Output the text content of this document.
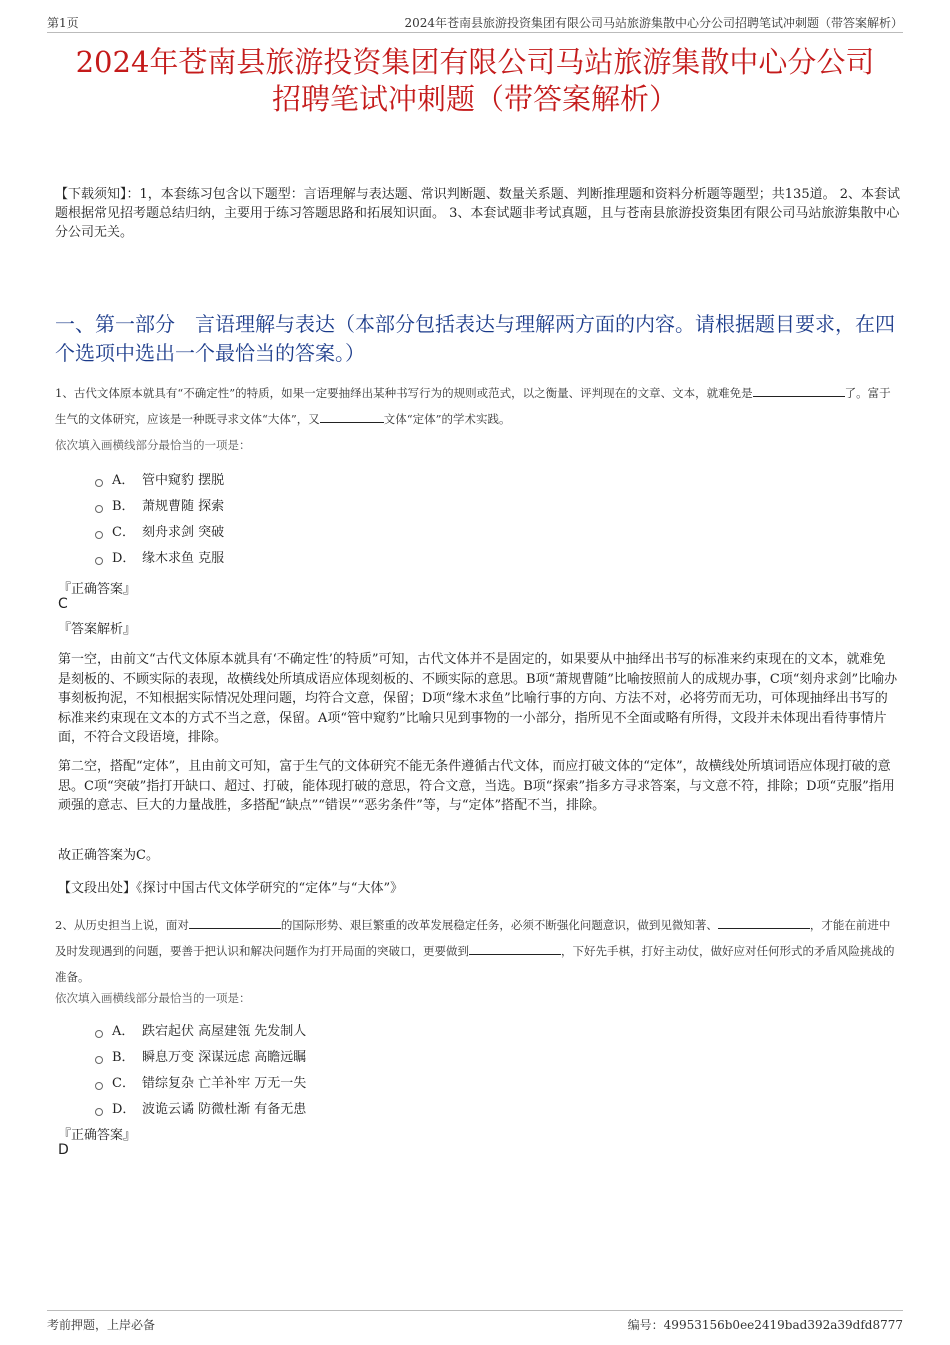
第1页	2024年苍南县旅游投资集团有限公司马站旅游集散中心分公司招聘笔试冲刺题（带答案解析）
2024年苍南县旅游投资集团有限公司马站旅游集散中心分公司
招聘笔试冲刺题（带答案解析）
【下载须知】：1，本套练习包含以下题型：言语理解与表达题、常识判断题、数量关系题、判断推理题和资料分析题等题型；共135道。 2、本套试题根据常见招考题总结归纳，主要用于练习答题思路和拓展知识面。 3、本套试题非考试真题，且与苍南县旅游投资集团有限公司马站旅游集散中心分公司无关。
一、第一部分　言语理解与表达（本部分包括表达与理解两方面的内容。请根据题目要求，在四个选项中选出一个最恰当的答案。）
1、古代文体原本就具有“不确定性”的特质，如果一定要抽绎出某种书写行为的规则或范式，以之衡量、评判现在的文章、文本，就难免是	了。富于生气的文体研究，应该是一种既寻求文体“大体”，又	文体“定体”的学术实践。
依次填入画横线部分最恰当的一项是：
A． 管中窥豹 摆脱
B． 萧规曹随 探索
C． 刻舟求剑 突破
D． 缘木求鱼 克服
『正确答案』
C
『答案解析』
第一空，由前文“古代文体原本就具有‘不确定性’的特质”可知，古代文体并不是固定的，如果要从中抽绎出书写的标准来约束现在的文本，就难免是刻板的、不顾实际的表现，故横线处所填成语应体现刻板的、不顾实际的意思。B项“萧规曹随”比喻按照前人的成规办事，C项“刻舟求剑”比喻办事刻板拘泥，不知根据实际情况处理问题，均符合文意，保留；D项“缘木求鱼”比喻行事的方向、方法不对，必将劳而无功，可体现抽绎出书写的标准来约束现在文本的方式不当之意，保留。A项“管中窥豹”比喻只见到事物的一小部分，指所见不全面或略有所得，文段并未体现出看待事情片面，不符合文段语境，排除。
第二空，搭配“定体”，且由前文可知，富于生气的文体研究不能无条件遵循古代文体，而应打破文体的“定体”，故横线处所填词语应体现打破的意思。C项“突破”指打开缺口、超过、打破，能体现打破的意思，符合文意，当选。B项“探索”指多方寻求答案，与文意不符，排除；D项“克服”指用顽强的意志、巨大的力量战胜，多搭配“缺点”“错误”“恶劣条件”等，与“定体”搭配不当，排除。
故正确答案为C。
【文段出处】《探讨中国古代文体学研究的“定体”与“大体”》
2、从历史担当上说，面对	的国际形势、艰巨繁重的改革发展稳定任务，必须不断强化问题意识，做到见微知著、	，才能在前进中及时发现遇到的问题，要善于把认识和解决问题作为打开局面的突破口，更要做到	，下好先手棋，打好主动仗，做好应对任何形式的矛盾风险挑战的准备。
依次填入画横线部分最恰当的一项是：
A． 跌宕起伏 高屋建瓴 先发制人
B． 瞬息万变 深谋远虑 高瞻远瞩
C． 错综复杂 亡羊补牢 万无一失
D． 波诡云谲 防微杜渐 有备无患
『正确答案』
D
考前押题，上岸必备	编号：49953156b0ee2419bad392a39dfd8777
